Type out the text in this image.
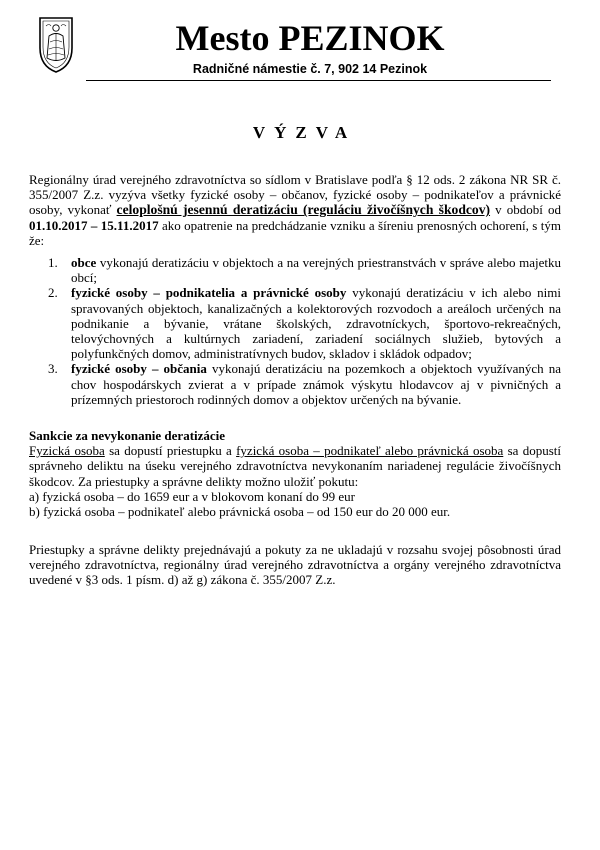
Mesto PEZINOK
Radničné námestie č. 7, 902 14 Pezinok
VÝZVA
Regionálny úrad verejného zdravotníctva so sídlom v Bratislave podľa § 12 ods. 2 zákona NR SR č. 355/2007 Z.z. vyzýva všetky fyzické osoby – občanov, fyzické osoby – podnikateľov a právnické osoby, vykonať celoplošnú jesennú deratizáciu (reguláciu živočíšnych škodcov) v období od 01.10.2017 – 15.11.2017 ako opatrenie na predchádzanie vzniku a šíreniu prenosných ochorení, s tým že:
1. obce vykonajú deratizáciu v objektoch a na verejných priestranstvách v správe alebo majetku obcí;
2. fyzické osoby – podnikatelia a právnické osoby vykonajú deratizáciu v ich alebo nimi spravovaných objektoch, kanalizačných a kolektorových rozvodoch a areáloch určených na podnikanie a bývanie, vrátane školských, zdravotníckych, športovo-rekreačných, telovýchovných a kultúrnych zariadení, zariadení sociálnych služieb, bytových a polyfunkčných domov, administratívnych budov, skladov i skládok odpadov;
3. fyzické osoby – občania vykonajú deratizáciu na pozemkoch a objektoch využívaných na chov hospodárskych zvierat a v prípade známok výskytu hlodavcov aj v pivničných a prízemných priestoroch rodinných domov a objektov určených na bývanie.
Sankcie za nevykonanie deratizácie
Fyzická osoba sa dopustí priestupku a fyzická osoba – podnikateľ alebo právnická osoba sa dopustí správneho deliktu na úseku verejného zdravotníctva nevykonaním nariadenej regulácie živočíšnych škodcov. Za priestupky a správne delikty možno uložiť pokutu:
a) fyzická osoba – do 1659 eur a v blokovom konaní do 99 eur
b) fyzická osoba – podnikateľ alebo právnická osoba – od 150 eur do 20 000 eur.
Priestupky a správne delikty prejednávajú a pokuty za ne ukladajú v rozsahu svojej pôsobnosti úrad verejného zdravotníctva, regionálny úrad verejného zdravotníctva a orgány verejného zdravotníctva uvedené v §3 ods. 1 písm. d) až g) zákona č. 355/2007 Z.z.
